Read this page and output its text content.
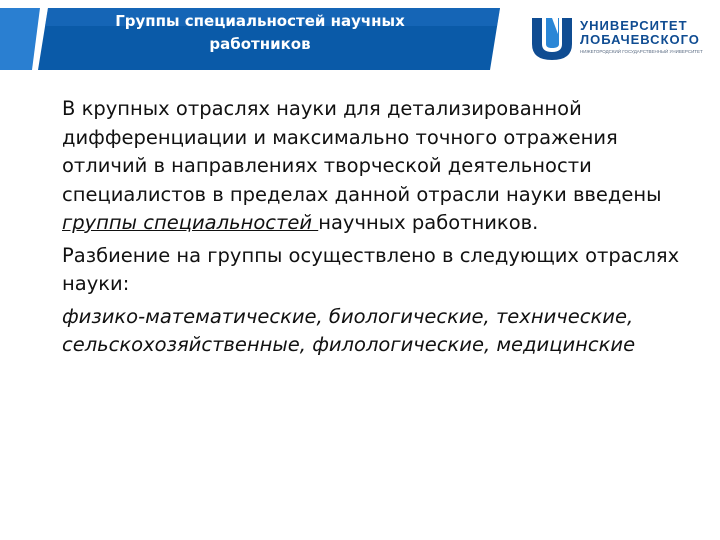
Группы специальностей научных
работников
УНИВЕРСИТЕТ
ЛОБАЧЕВСКОГО
НИЖЕГОРОДСКИЙ ГОСУДАРСТВЕННЫЙ УНИВЕРСИТЕТ

В крупных отраслях науки для детализированной дифференциации и максимально точного отражения отличий в направлениях творческой деятельности специалистов в пределах данной отрасли науки введены группы специальностей научных работников.

Разбиение на группы осуществлено в следующих отраслях науки:

физико-математические, биологические, технические, сельскохозяйственные, филологические, медицинские
